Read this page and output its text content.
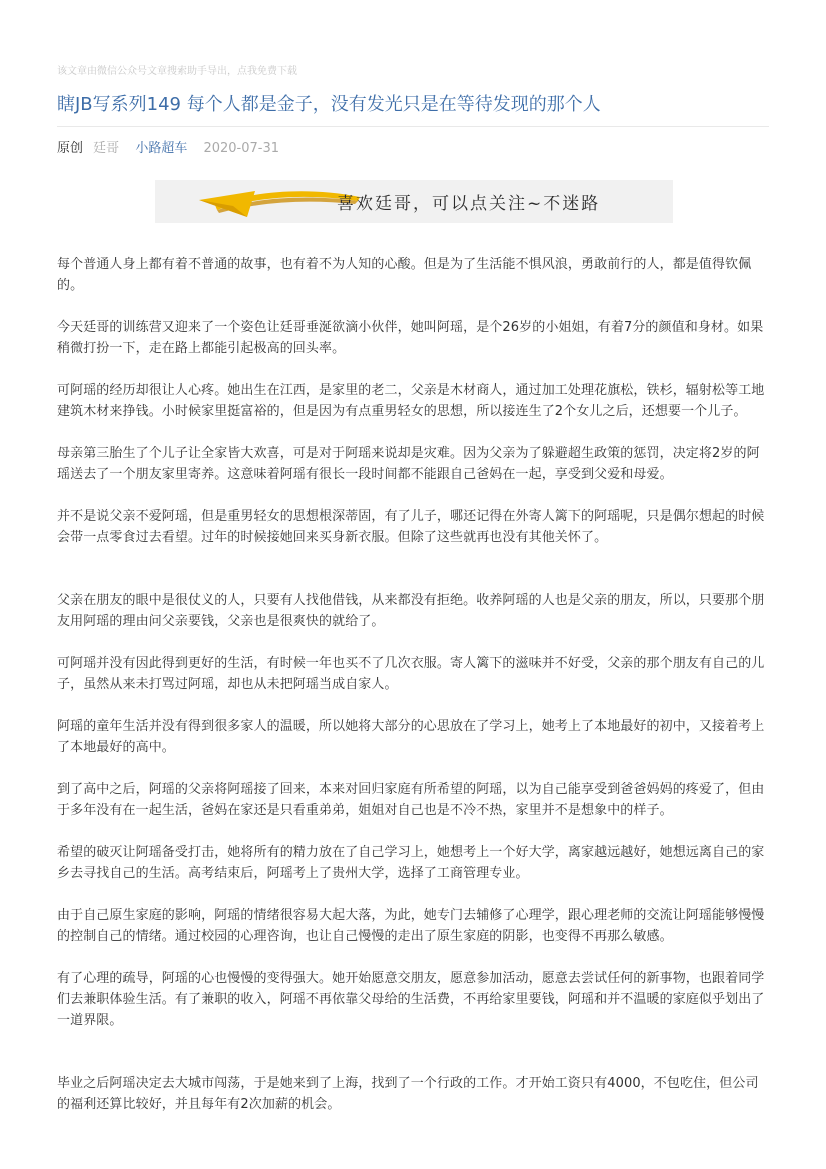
该文章由微信公众号文章搜索助手导出，点我免费下载
瞎JB写系列149 每个人都是金子，没有发光只是在等待发现的那个人
原创 廷哥 小路超车 2020-07-31
喜欢廷哥，可以点关注~不迷路

每个普通人身上都有着不普通的故事，也有着不为人知的心酸。但是为了生活能不惧风浪，勇敢前行的人，都是值得钦佩的。

今天廷哥的训练营又迎来了一个姿色让廷哥垂涎欲滴小伙伴，她叫阿瑶，是个26岁的小姐姐，有着7分的颜值和身材。如果稍微打扮一下，走在路上都能引起极高的回头率。

可阿瑶的经历却很让人心疼。她出生在江西，是家里的老二，父亲是木材商人，通过加工处理花旗松，铁杉，辐射松等工地建筑木材来挣钱。小时候家里挺富裕的，但是因为有点重男轻女的思想，所以接连生了2个女儿之后，还想要一个儿子。

母亲第三胎生了个儿子让全家皆大欢喜，可是对于阿瑶来说却是灾难。因为父亲为了躲避超生政策的惩罚，决定将2岁的阿瑶送去了一个朋友家里寄养。这意味着阿瑶有很长一段时间都不能跟自己爸妈在一起，享受到父爱和母爱。

并不是说父亲不爱阿瑶，但是重男轻女的思想根深蒂固，有了儿子，哪还记得在外寄人篱下的阿瑶呢，只是偶尔想起的时候会带一点零食过去看望。过年的时候接她回来买身新衣服。但除了这些就再也没有其他关怀了。

父亲在朋友的眼中是很仗义的人，只要有人找他借钱，从来都没有拒绝。收养阿瑶的人也是父亲的朋友，所以，只要那个朋友用阿瑶的理由问父亲要钱，父亲也是很爽快的就给了。

可阿瑶并没有因此得到更好的生活，有时候一年也买不了几次衣服。寄人篱下的滋味并不好受，父亲的那个朋友有自己的儿子，虽然从来未打骂过阿瑶，却也从未把阿瑶当成自家人。

阿瑶的童年生活并没有得到很多家人的温暖，所以她将大部分的心思放在了学习上，她考上了本地最好的初中，又接着考上了本地最好的高中。

到了高中之后，阿瑶的父亲将阿瑶接了回来，本来对回归家庭有所希望的阿瑶，以为自己能享受到爸爸妈妈的疼爱了，但由于多年没有在一起生活，爸妈在家还是只看重弟弟，姐姐对自己也是不冷不热，家里并不是想象中的样子。

希望的破灭让阿瑶备受打击，她将所有的精力放在了自己学习上，她想考上一个好大学，离家越远越好，她想远离自己的家乡去寻找自己的生活。高考结束后，阿瑶考上了贵州大学，选择了工商管理专业。

由于自己原生家庭的影响，阿瑶的情绪很容易大起大落，为此，她专门去辅修了心理学，跟心理老师的交流让阿瑶能够慢慢的控制自己的情绪。通过校园的心理咨询，也让自己慢慢的走出了原生家庭的阴影，也变得不再那么敏感。

有了心理的疏导，阿瑶的心也慢慢的变得强大。她开始愿意交朋友，愿意参加活动，愿意去尝试任何的新事物，也跟着同学们去兼职体验生活。有了兼职的收入，阿瑶不再依靠父母给的生活费，不再给家里要钱，阿瑶和并不温暖的家庭似乎划出了一道界限。

毕业之后阿瑶决定去大城市闯荡，于是她来到了上海，找到了一个行政的工作。才开始工资只有4000，不包吃住，但公司的福利还算比较好，并且每年有2次加薪的机会。
